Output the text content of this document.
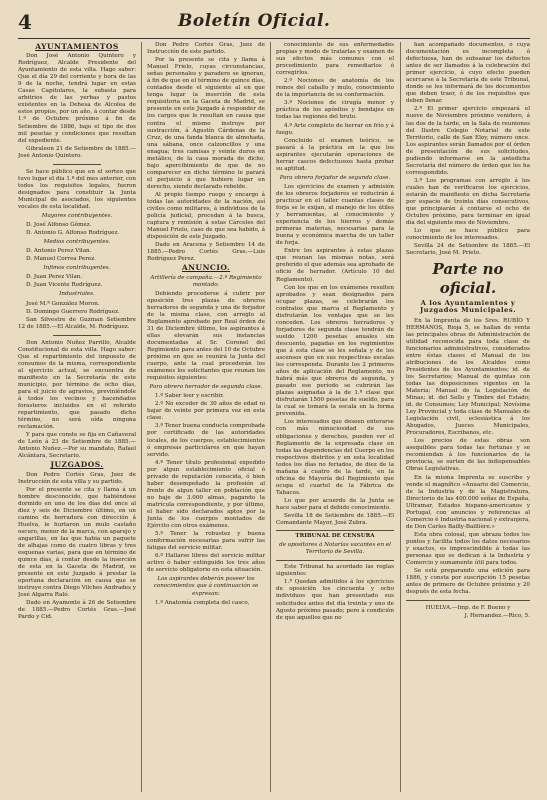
4	Boletín Oficial.
AYUNTAMIENTOS

Don José Antonio Quintero y Rodríguez, Alcalde Presidente del Ayuntamiento de esta villa. Hago saber: Que el día 29 del corriente y hora de las 9 de la noche, tendrá lugar en estas Casas Capitulares, la subasta para arbitrios de las yerbas y pastos existentes en la Dehesa de Alcolea de estos propios, por un año, á contar desde 1.º de Octubre próximo á fin de Setiembre de 1886, bajo el tipo de dos mil pesetas y condiciones que resultan del expediente.

Gibraleon 21 de Setiembre de 1885.—José Antonio Quintero.

Se hace público que en el sorteo que tuvo lugar el dia 1.º del mes anterior, con todos los requisitos legales, fueron designados para constituir la Junta Municipal de asociados, los siguientes vocales de esta localidad.

Mayores contribuyentes.

D. José Alfonso Gómez.

D. Antonio G. Alfonso Rodríguez.

Medios contribuyentes.

D. Antonio Perez Vilan.

D. Manuel Correa Perez.

Infimos contribuyentes.

D. Juan Perez Vilan.

D. Juan Vicente Rodríguez.

Industriales.

José M.ª González Moron.

D. Domingo Guerrero Rodríguez.

San Silvestre de Guzman Setiembre 12 de 1885.—El Alcalde, M. Rodríguez.

Don Antonio Nuñez Parrillo, Alcalde Constitucional de esta villa. Hago saber: Que el repartimiento del impuesto de consumos de la misma, correspondiente al ejercicio actual, se encuentra de manifiesto en la Secretaría de este municipio, por término de ocho días, para el juicio de agravios, previniéndole á todos los vecinos y hacendados forasteros incluidos en el referido repartimiento, que pasado dicho término, no será oída ninguna reclamación.

Y para que conste se fija en Cañaveral de León á 23 de Setiembre de 1885.—Antonio Nuñez.—Por su mandato, Rafael Alcántara, Secretario.

JUZGADOS.

Don Pedro Cortés Gras, Juez de Instrucción de esta villa y su partido.

Por el presente se cita y llama á un hombre desconocido, que habiéndose dormido en uno de los días del once al diez y seis de Diciembre último, en un camino de herradura con dirección á Huelva, le hurtaron un mulo castaño oscuro, menor de la marca, con aparejo y angarillas, en las que habia un paquete de alhajas como de cuatro libras y tres esquenas varias, para que en término de quince días, á contar desde la inserción de esta en la Gaceta de Madrid, se presente en este Juzgado á prestar la oportuna declaración en causa que se instruye contra Diego Vilches Andrades y José Algarra Raló.

Dado en Ayamonte á 26 de Setiembre de 1885.—Pedro Cortés Gras.—José Pardo y Cid.

Don Pedro Cortés Gras, Juez de Instrucción de este partido.

Por la presente se cita y llama á Manuel Frielo, cuyas circunstancias, señas personales y paradero se ignoran, á fin de que en el término de quince días, contados desde el siguiente al en que tenga lugar la inserción de esta requisitoria en la Gaceta de Madrid, se presente en este Juzgado á responder de los cargos que le resultan en causa que contra el mismo instruye por sustracción, á Agustín Cárdenas de la Cruz, de una fanda blanca de almohada, una sábana, once calzoncillos y una enagua; tres camisas y veinte duros en metálico, de la casa morada de dicho, bajo apercibimiento de que de no comparecer en dicho término le parará el perjuicio á que hubiere lugar en derecho, siendo declarado rebelde.

Al propio tiempo ruego y encargo á todas las autoridades de la nación, así civiles como militares, á individuos de la policía judicial, procedan á la busca, captura y remisión á estas Cárceles del Manuel Frielo, caso de que sea habido, á disposición de este Juzgado.

Dado en Aracena y Setiembre 14 de 1885.—Pedro Cortés Gras.—Luis Rodríguez Perez.

ANUNCIO.
Artillería de campaña.—2.º Regimiento montado.

Debiendo procederse á cubrir por oposición tres plazas de obreros herradores de segunda y una de forjador de la misma clase, con arreglo al Reglamento aprobado por Real órden de 31 de Diciembre último, los aspirantes á ellas elevarán sus instancias documentadas al Sr. Coronel del Regimiento para antes del 10 de Octubre próximo en que se reunirá la Junta del cuerpo, ante la cual procederán los exámenes los solicitantes que reunan los requisitos siguientes:

Para obrero herrador de segunda clase.

1.º Saber leer y escribir.

2.º No exceder de 30 años de edad ni bajar de veinte por primera vez en esta clase.

3.º Tener buena conducta comprobada por certificado de las autoridades locales, de los cuerpos, establecimientos ó empresas particulares en que hayan servido.

4.º Tener título profesional expedido por algun establecimiento oficial ó privado de reputación conocida, ó bien haber desempeñado la profesión al frente de algun taller en población que no baje de 3.000 almas, pagando la matrícula correspondiente, y por último, el haber sido declarados aptos por la Junta de los cuerpos montados de Ejército con otros exámenes.

5.º Tener la robustez y buena conformación necesarias para sufrir las fatigas del servicio militar.

6.º Hallarse libres del servicio militar activo ó haber extinguido los tres años de servicio obligatorio en esta situación.

Los aspirantes deberán poseer los conocimientos que á continuación se expresan:

1.º Anatomía completa del casco,

conocimiento de sus enfermedades propias y modo de tratarlas y examen de sus efectos más comunes con el procedimiento para remediarlos ó corregirlos.

2.º Nociones de anatomía de los remos del caballo y mulo, conocimiento de la importancia de su conformación.

3.º Nociones de cirugía menor y práctica de los apósitos y bendajes en todas las regiones del bruto.

4.º Arte completo de herrar en frío y á fuego.

Concluido el examen teórico, se pasará á la práctica en la que los aspirantes ejecutarán operaciones de herrar cascos defectuosos hasta probar su aptitud.

Para obrero forjador de segunda clase.

Los ejercicios de examen y admisión de los obreros forjadores se reducirán á practicar en el taller cuantas clases de forja se le exijan, al manejo de los útiles y herramientas, al conocimiento y experiencia de los hierros y demás primeras materias, necesarias para la buena y económica marcha de un taller de forja.

Entre los aspirantes á estas plazas que reunan las mismas notas, será preferido el que además sea aprobado de oficio de herrador. (Artículo 10 del Reglamento).

Con los que en los exámenes resulten aprobados y sean designados para ocupar plazas, se celebrarán los contratos que marca el Reglamento y disfrutarán los ventajas que se les conceden. Los obreros herradores y forjadores de segunda clase tendrán de sueldo 1200 pesetas anuales sin descuento, pagadas en los regimientos que á esta clase se les señala y de los ascensos que en sus respectivas escalas les corresponda. Durante los 2 primeros años de aplicación del Reglamento, no habrá más que obreros de segunda, y pasado ese período se cubrirán las plazas asignadas á la de 1.ª clase que disfrutarán 1500 pesetas de sueldo, para la cual se tomará la escala en la forma prevenida.

Los interesados que deseen enterarse con más minuciosidad de sus obligaciones y derechos, pueden ver el Reglamento de la expresada clase en todas las dependencias del Cuerpo en los respectivos distritos y en esta localidad todos los días no feriados, de diez de la mañana á cuatro de la tarde, en la oficina de Mayoría del Regimiento que ocupa el cuartel de la Fábrica de Tabacos.

Lo que por acuerdo de la Junta se hace saber para el debido conocimiento.

Sevilla 18 de Setiembre de 1885.—El Comandante Mayor, José Zubra.

TRIBUNAL DE CENSURA
de opositores á Notarías vacantes en el Territorio de Sevilla.

Este Tribunal ha acordado las reglas siguientes:

1.ª Quedan admitidos á los ejercicios de oposición los cincuenta y ocho individuos que han presentado sus solicitudes antes del día treinta y uno de Agosto próximo pasado; pero á condición de que aquellos que no

han acompañado documentos, ó cuya documentación es incompleta ó defectuosa, han de subsanar los defectos antes de ser llamados á la celebración del primer ejercicio, á cuyo efecto pueden acercarse á la Secretaría de este Tribunal, donde se les informará de los documentos que deben traer, ó de los requisitos que deben llenar.

2.ª El primer ejercicio empezará el nueve de Noviembre próximo venidero, á las dos de la tarde, en la Sala de reuniones del Ilustre Colegio Notarial de este Territorio, calle de San Eloy, número once. Los aspirantes serán llamados por el órden de presentación de sus solicitudes, pudiendo informarse en la antedicha Secretaría del número de órden que les ha correspondido.

3.ª Los programas con arreglo á los cuales han de verificarse los ejercicios, estarán de manifiesto en dicha Secretaría por espacio de treinta días consecutivos, que principiarán á contarse el ocho de Octubre próximo, para terminar en igual día del siguiente mes de Noviembre.

Lo que se hace público para conocimiento de los interesados.

Sevilla 24 de Setiembre de 1885.—El Secretario, José M. Prieto.

Parte no oficial.
A los Ayuntamientos y Juzgados Municipales.

En la Imprenta de los Sres. RUBÍO Y HERMANOS, Rioja 5, se hallan de venta las principales obras de Administración de utilidad reconocida para toda clase de funcionarios administrativos, considerados entre éstas clases el Manual de los atribuciones de los Alcaldes como Presidentes de los Ayuntamientos; id. de los Secretarios; Manual de quintas con todas las disposiciones vigentes en la Materia; Manual de la Legislación de Minas; id. del Sello y Timbre del Estado; id. de Consumos; Ley Municipal; Novísima Ley Provincial y toda clase de Manuales de Legislación civil, eclesiástica á los Abogados, Jueces Municipales, Procuradores, Escribanos, etc.

Los precios de estas obras son asequibles para todas las fortunas y se recomiendan á los funcionarios de la provincia, se surten de las indispensables Obras Legislativas.

En la misma Imprenta se suscribe y vende el magnífico «Anuario del Comercio, de la Industria y de la Magistratura, Directorio de las 400.000 señas de España, Ultramar, Estados hispano-americanos y Portugal, con anuncios y referencias al Comercio é Industria nacional y extranjera, de Don Carlos Bailly-Baillière.»

Esta obra colosal, que abraza todos los puntos y facilita todos los datos necesarios y exactos, es imprescindible á todas las personas que se dedican á la Industria y Comercio y sumamente útil para todos.

Se está preparando una edición para 1886, y consta por suscripción 15 pesetas antes de primero de Octubre próximo y 20 después de esta fecha.

HUELVA.—Imp. de F. Bueno y

J. Hernandez.—Rico, 5.
